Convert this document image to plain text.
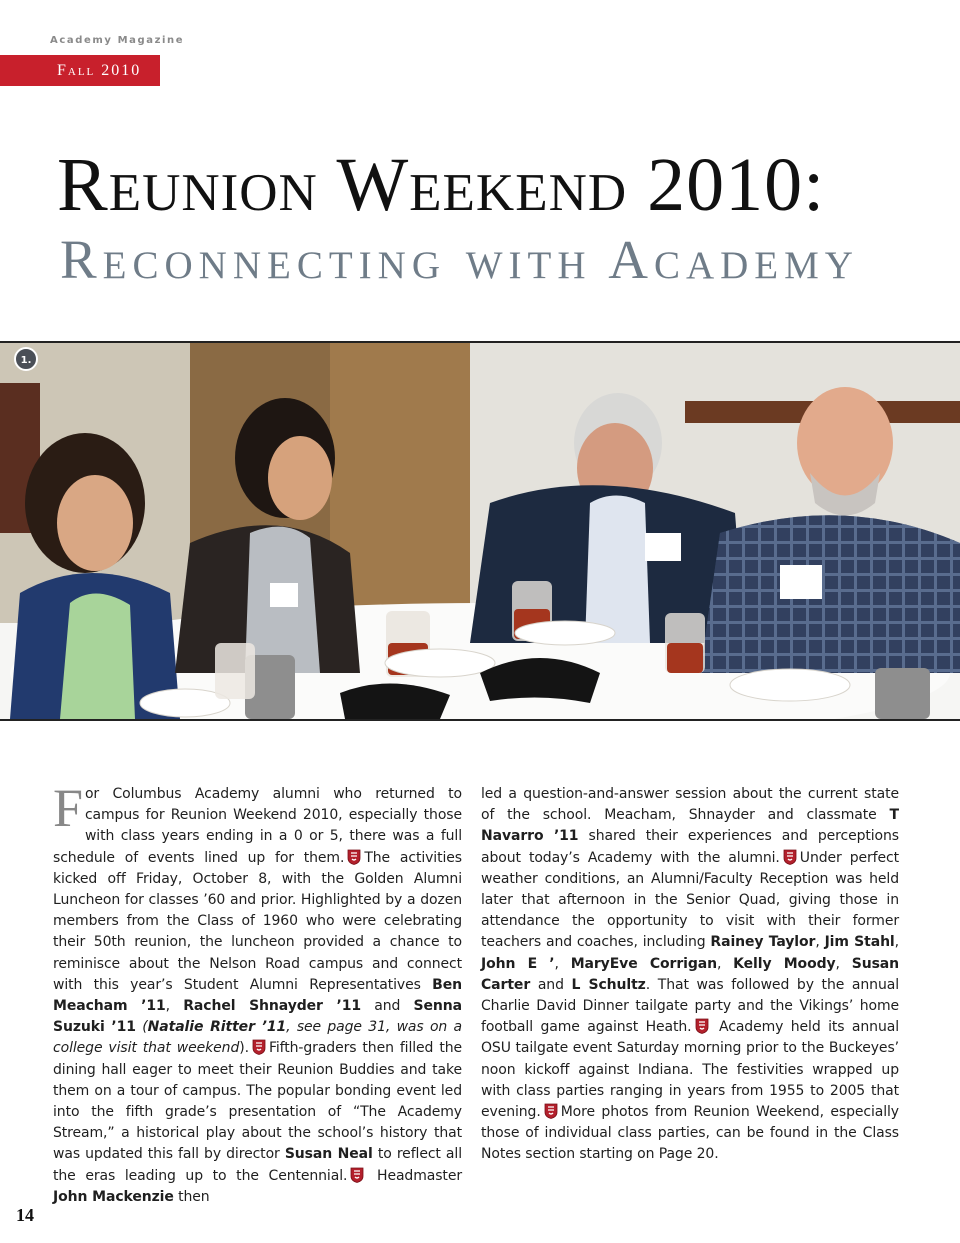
Academy Magazine
Fall 2010
Reunion Weekend 2010:
Reconnecting with Academy
1.

For Columbus Academy alumni who returned to campus for Reunion Weekend 2010, especially those with class years ending in a 0 or 5, there was a full schedule of events lined up for them. The activities kicked off Friday, October 8, with the Golden Alumni Luncheon for classes ’60 and prior. Highlighted by a dozen members from the Class of 1960 who were celebrating their 50th reunion, the luncheon provided a chance to reminisce about the Nelson Road campus and connect with this year’s Student Alumni Representatives Ben Meacham ’11, Rachel Shnayder ’11 and Senna Suzuki ’11 (Natalie Ritter ’11, see page 31, was on a college visit that weekend). Fifth-graders then filled the dining hall eager to meet their Reunion Buddies and take them on a tour of campus. The popular bonding event led into the fifth grade’s presentation of “The Academy Stream,” a historical play about the school’s history that was updated this fall by director Susan Neal to reflect all the eras leading up to the Centennial. Headmaster John Mackenzie then

led a question-and-answer session about the current state of the school. Meacham, Shnayder and classmate T Navarro ’11 shared their experiences and perceptions about today’s Academy with the alumni. Under perfect weather conditions, an Alumni/Faculty Reception was held later that afternoon in the Senior Quad, giving those in attendance the opportunity to visit with their former teachers and coaches, including Rainey Taylor, Jim Stahl, John E ’, MaryEve Corrigan, Kelly Moody, Susan Carter and L Schultz. That was followed by the annual Charlie David Dinner tailgate party and the Vikings’ home football game against Heath. Academy held its annual OSU tailgate event Saturday morning prior to the Buckeyes’ noon kickoff against Indiana. The festivities wrapped up with class parties ranging in years from 1955 to 2005 that evening. More photos from Reunion Weekend, especially those of individual class parties, can be found in the Class Notes section starting on Page 20.

14
